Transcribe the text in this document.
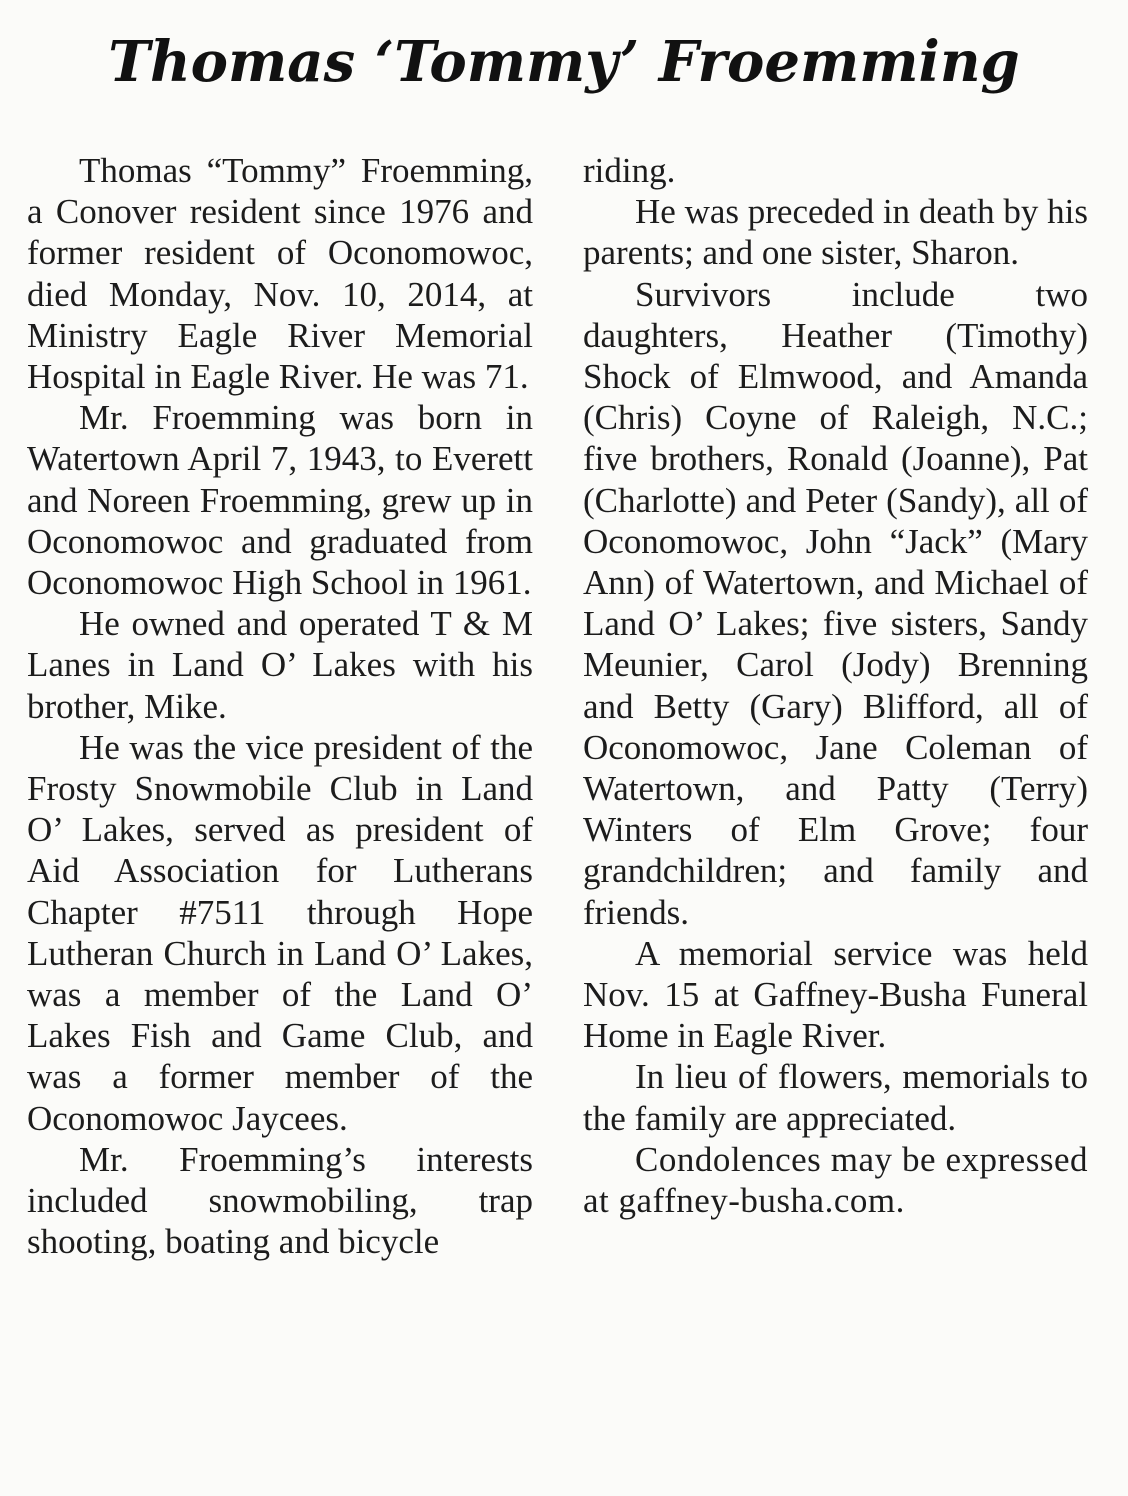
Thomas ‘Tommy’ Froemming

Thomas “Tommy” Froemming, a Conover resident since 1976 and former resident of Oconomowoc, died Monday, Nov. 10, 2014, at Ministry Eagle River Memorial Hospital in Eagle River. He was 71.

Mr. Froemming was born in Watertown April 7, 1943, to Everett and Noreen Froemming, grew up in Oconomowoc and graduated from Oconomowoc High School in 1961.

He owned and operated T & M Lanes in Land O’ Lakes with his brother, Mike.

He was the vice president of the Frosty Snowmobile Club in Land O’ Lakes, served as president of Aid Association for Lutherans Chapter #7511 through Hope Lutheran Church in Land O’ Lakes, was a member of the Land O’ Lakes Fish and Game Club, and was a former member of the Oconomowoc Jaycees.

Mr. Froemming’s interests included snowmobiling, trap shooting, boating and bicycle

riding.

He was preceded in death by his parents; and one sister, Sharon.

Survivors include two daughters, Heather (Timothy) Shock of Elmwood, and Amanda (Chris) Coyne of Raleigh, N.C.; five brothers, Ronald (Joanne), Pat (Charlotte) and Peter (Sandy), all of Oconomowoc, John “Jack” (Mary Ann) of Watertown, and Michael of Land O’ Lakes; five sisters, Sandy Meunier, Carol (Jody) Brenning and Betty (Gary) Blifford, all of Oconomowoc, Jane Coleman of Watertown, and Patty (Terry) Winters of Elm Grove; four grandchildren; and family and friends.

A memorial service was held Nov. 15 at Gaffney-Busha Funeral Home in Eagle River.

In lieu of flowers, memorials to the family are appreciated.

Condolences may be expressed at gaffney-busha.com.
